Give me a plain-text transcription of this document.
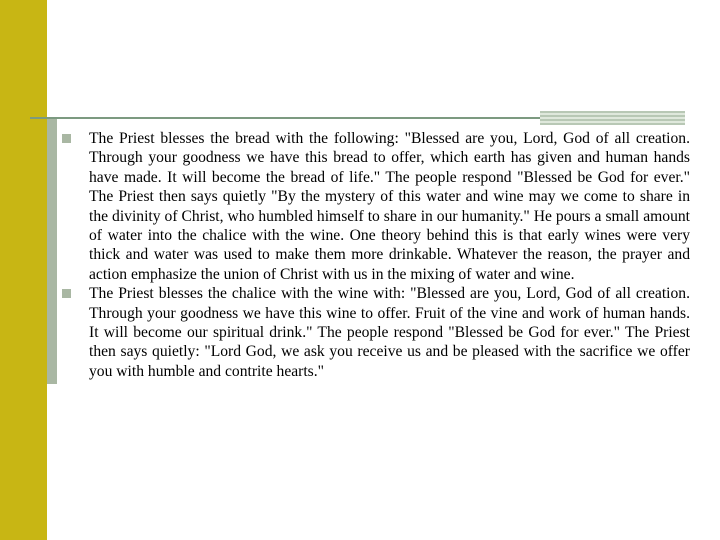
The Priest blesses the bread with the following: "Blessed are you, Lord, God of all creation. Through your goodness we have this bread to offer, which earth has given and human hands have made. It will become the bread of life." The people respond "Blessed be God for ever." The Priest then says quietly "By the mystery of this water and wine may we come to share in the divinity of Christ, who humbled himself to share in our humanity." He pours a small amount of water into the chalice with the wine. One theory behind this is that early wines were very thick and water was used to make them more drinkable. Whatever the reason, the prayer and action emphasize the union of Christ with us in the mixing of water and wine.

The Priest blesses the chalice with the wine with: "Blessed are you, Lord, God of all creation. Through your goodness we have this wine to offer. Fruit of the vine and work of human hands. It will become our spiritual drink." The people respond "Blessed be God for ever." The Priest then says quietly: "Lord God, we ask you receive us and be pleased with the sacrifice we offer you with humble and contrite hearts."
